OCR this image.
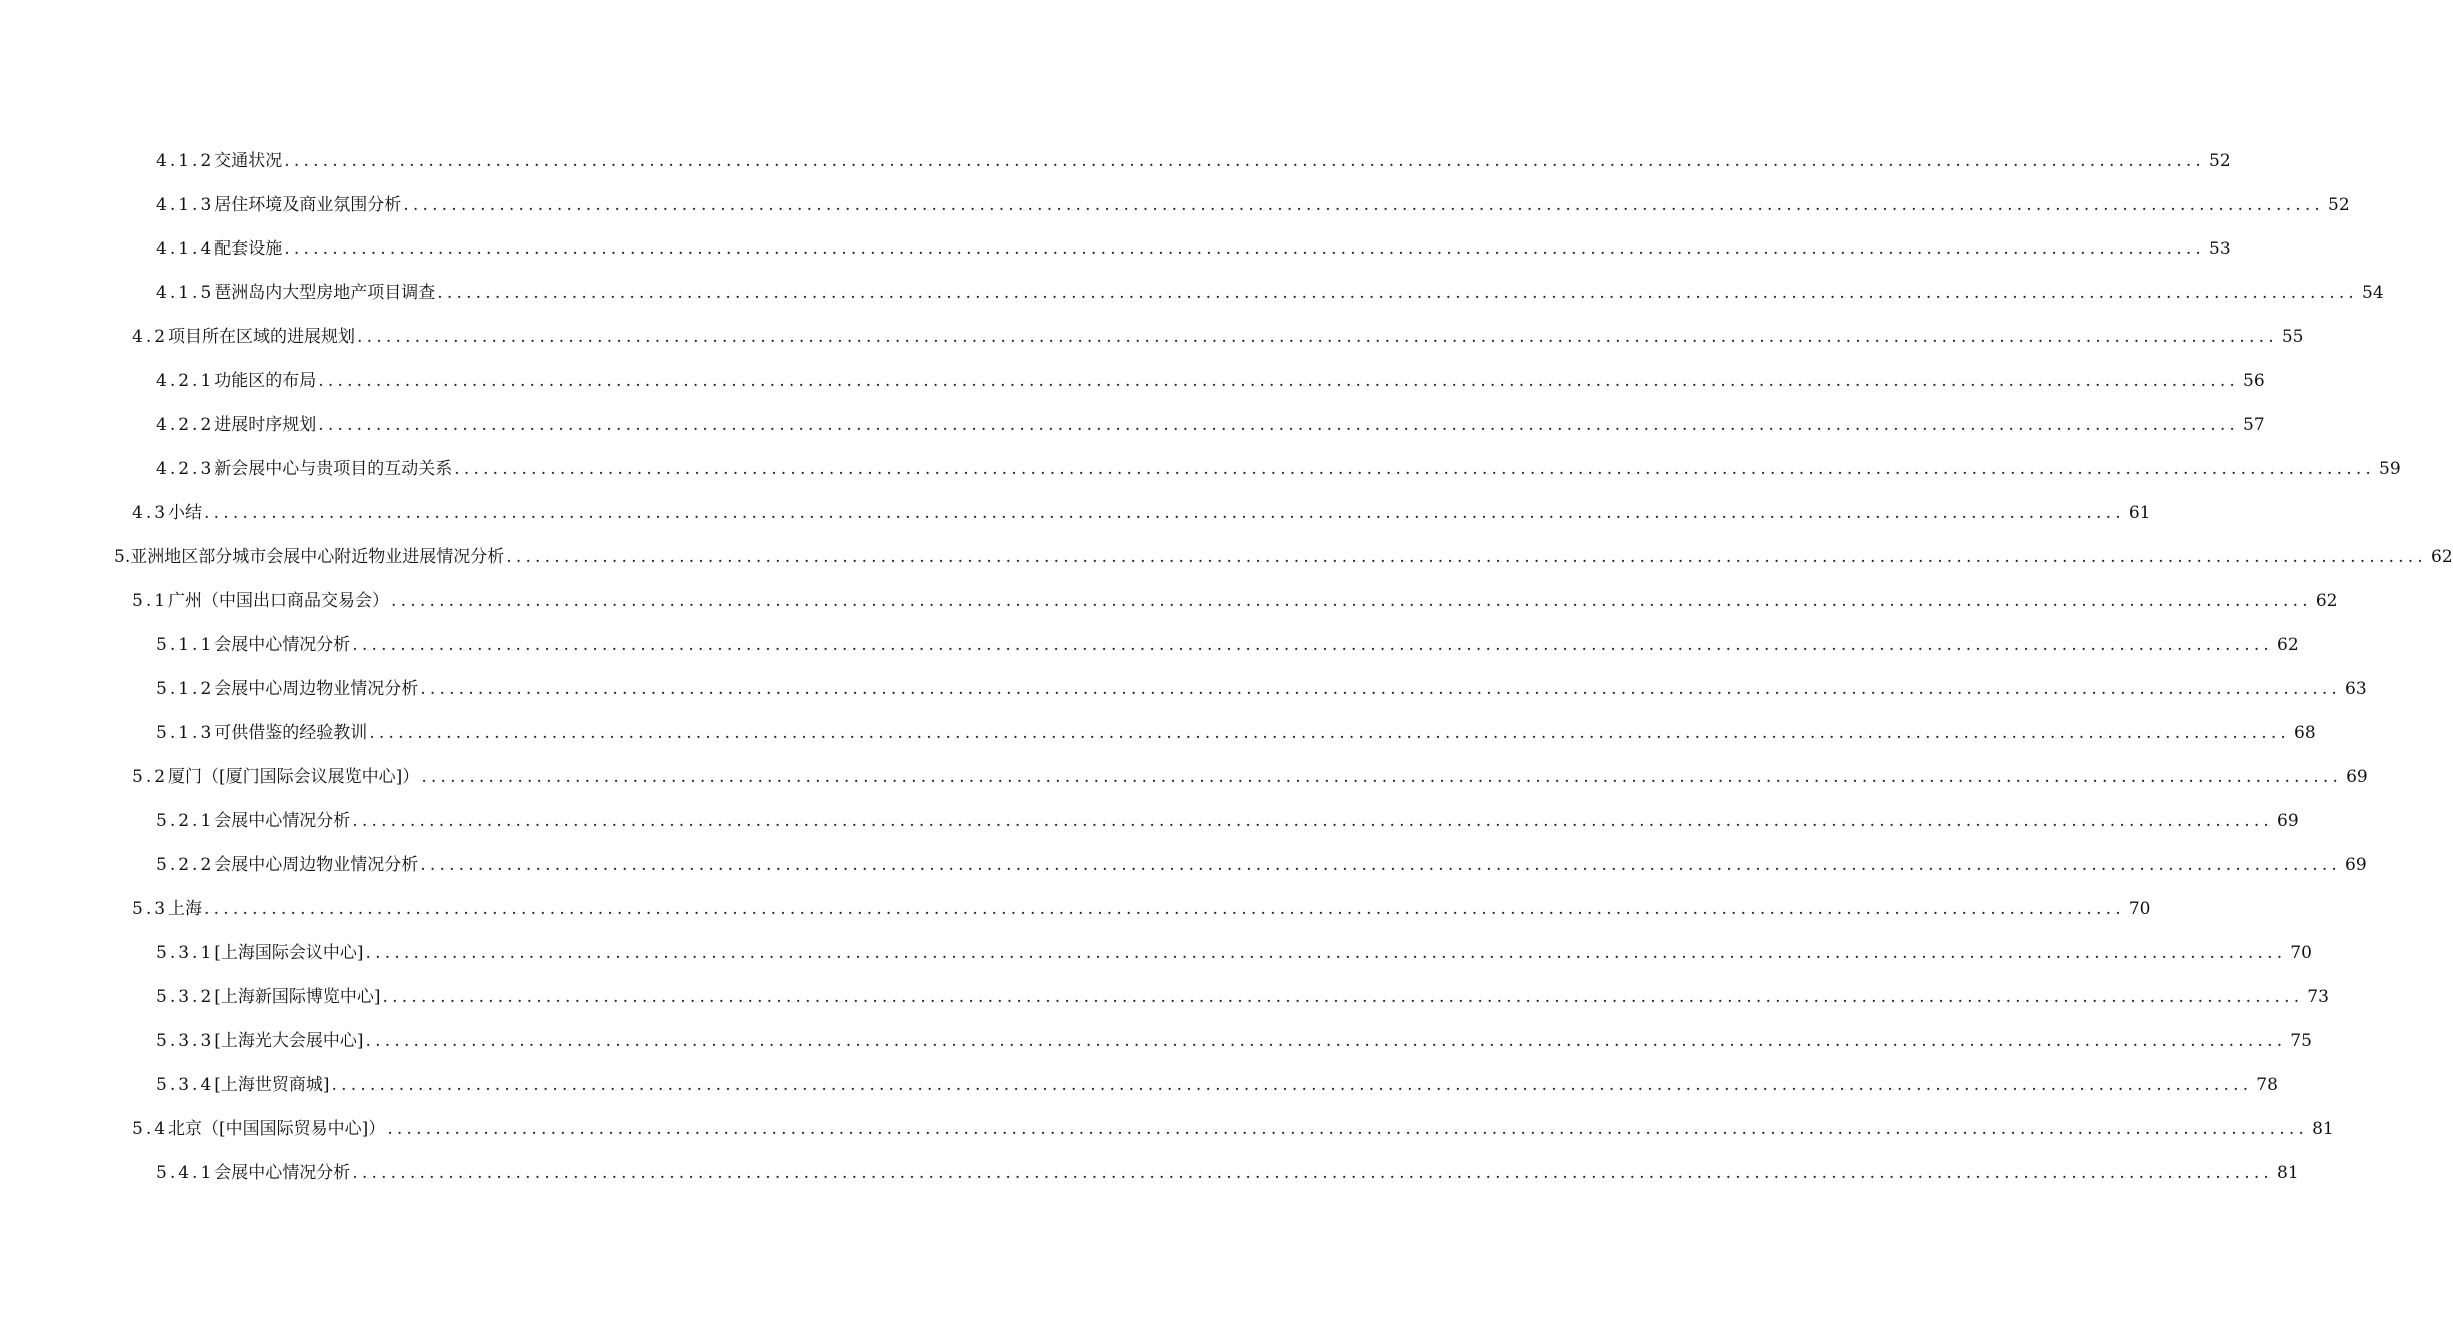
4.1.2 交通状况 ........................................................................................................................................................................................................ 52
4.1.3 居住环境及商业氛围分析 ........................................................................................................................................................................................................ 52
4.1.4 配套设施 ........................................................................................................................................................................................................ 53
4.1.5 琶洲岛内大型房地产项目调查 ........................................................................................................................................................................................................ 54
4.2 项目所在区域的进展规划 ........................................................................................................................................................................................................ 55
4.2.1 功能区的布局 ........................................................................................................................................................................................................ 56
4.2.2 进展时序规划 ........................................................................................................................................................................................................ 57
4.2.3 新会展中心与贵项目的互动关系 ........................................................................................................................................................................................................ 59
4.3 小结 ........................................................................................................................................................................................................ 61
5. 亚洲地区部分城市会展中心附近物业进展情况分析 ........................................................................................................................................................................................................ 62
5.1 广州（中国出口商品交易会） ........................................................................................................................................................................................................ 62
5.1.1 会展中心情况分析 ........................................................................................................................................................................................................ 62
5.1.2 会展中心周边物业情况分析 ........................................................................................................................................................................................................ 63
5.1.3 可供借鉴的经验教训 ........................................................................................................................................................................................................ 68
5.2 厦门（[厦门国际会议展览中心]） ........................................................................................................................................................................................................ 69
5.2.1 会展中心情况分析 ........................................................................................................................................................................................................ 69
5.2.2 会展中心周边物业情况分析 ........................................................................................................................................................................................................ 69
5.3 上海 ........................................................................................................................................................................................................ 70
5.3.1 [上海国际会议中心] ........................................................................................................................................................................................................ 70
5.3.2 [上海新国际博览中心] ........................................................................................................................................................................................................ 73
5.3.3 [上海光大会展中心] ........................................................................................................................................................................................................ 75
5.3.4 [上海世贸商城] ........................................................................................................................................................................................................ 78
5.4 北京（[中国国际贸易中心]） ........................................................................................................................................................................................................ 81
5.4.1 会展中心情况分析 ........................................................................................................................................................................................................ 81
